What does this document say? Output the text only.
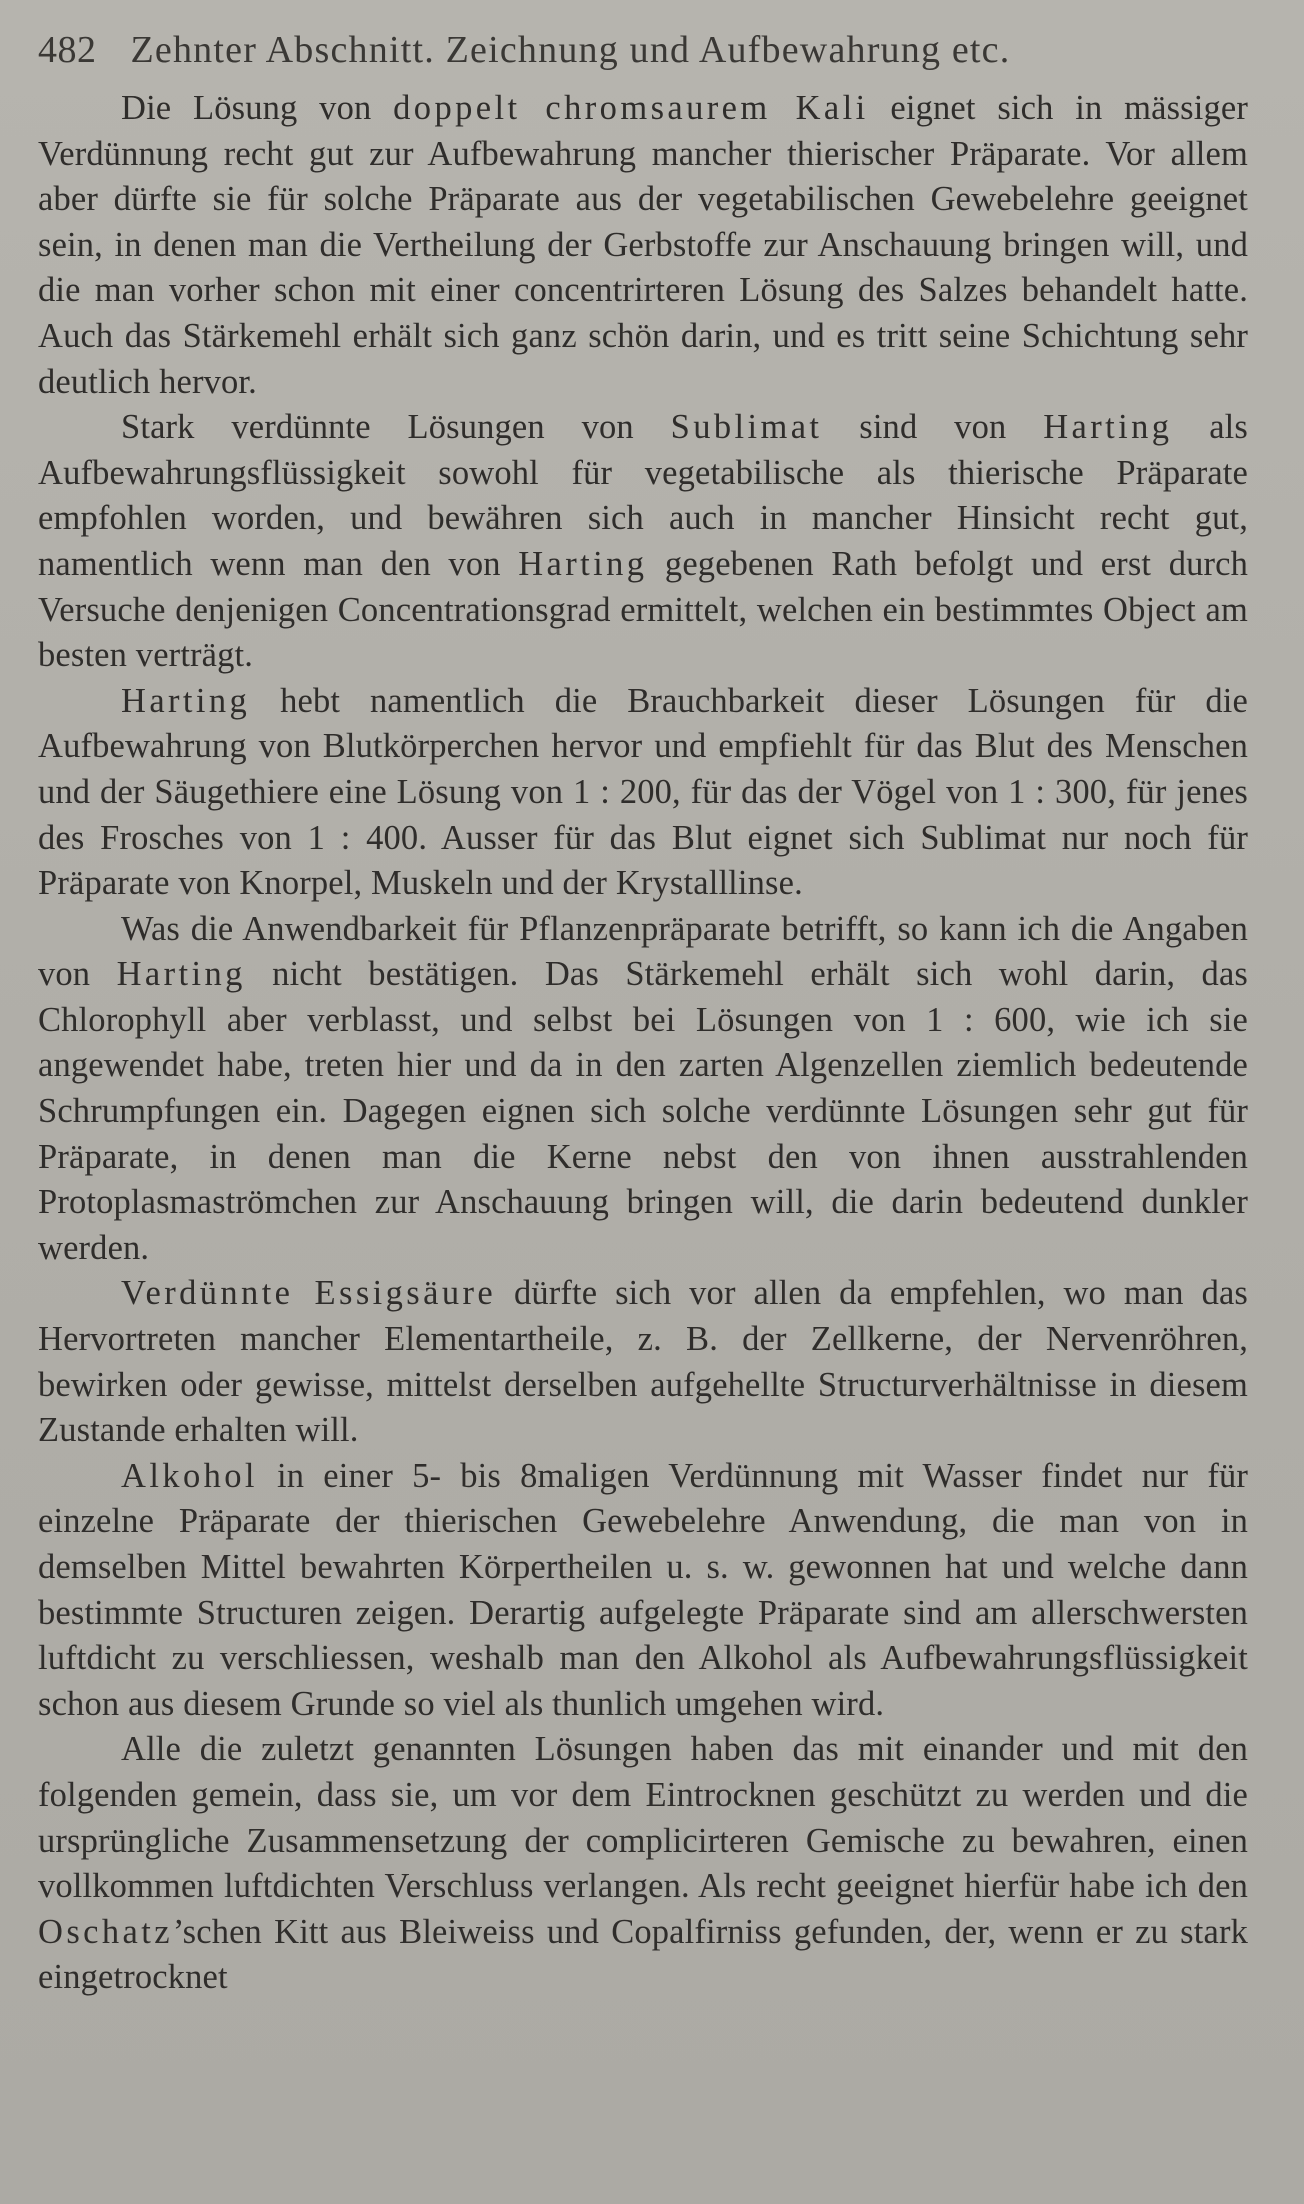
482 Zehnter Abschnitt. Zeichnung und Aufbewahrung etc.

Die Lösung von doppelt chromsaurem Kali eignet sich in mässiger Verdünnung recht gut zur Aufbewahrung mancher thierischer Präparate. Vor allem aber dürfte sie für solche Präparate aus der vegetabilischen Gewebelehre geeignet sein, in denen man die Vertheilung der Gerbstoffe zur Anschauung bringen will, und die man vorher schon mit einer concentrirteren Lösung des Salzes behandelt hatte. Auch das Stärkemehl erhält sich ganz schön darin, und es tritt seine Schichtung sehr deutlich hervor.

Stark verdünnte Lösungen von Sublimat sind von Harting als Aufbewahrungsflüssigkeit sowohl für vegetabilische als thierische Präparate empfohlen worden, und bewähren sich auch in mancher Hinsicht recht gut, namentlich wenn man den von Harting gegebenen Rath befolgt und erst durch Versuche denjenigen Concentrationsgrad ermittelt, welchen ein bestimmtes Object am besten verträgt.

Harting hebt namentlich die Brauchbarkeit dieser Lösungen für die Aufbewahrung von Blutkörperchen hervor und empfiehlt für das Blut des Menschen und der Säugethiere eine Lösung von 1 : 200, für das der Vögel von 1 : 300, für jenes des Frosches von 1 : 400. Ausser für das Blut eignet sich Sublimat nur noch für Präparate von Knorpel, Muskeln und der Krystalllinse.

Was die Anwendbarkeit für Pflanzenpräparate betrifft, so kann ich die Angaben von Harting nicht bestätigen. Das Stärkemehl erhält sich wohl darin, das Chlorophyll aber verblasst, und selbst bei Lösungen von 1 : 600, wie ich sie angewendet habe, treten hier und da in den zarten Algenzellen ziemlich bedeutende Schrumpfungen ein. Dagegen eignen sich solche verdünnte Lösungen sehr gut für Präparate, in denen man die Kerne nebst den von ihnen ausstrahlenden Protoplasmaströmchen zur Anschauung bringen will, die darin bedeutend dunkler werden.

Verdünnte Essigsäure dürfte sich vor allen da empfehlen, wo man das Hervortreten mancher Elementartheile, z. B. der Zellkerne, der Nervenröhren, bewirken oder gewisse, mittelst derselben aufgehellte Structurverhältnisse in diesem Zustande erhalten will.

Alkohol in einer 5- bis 8maligen Verdünnung mit Wasser findet nur für einzelne Präparate der thierischen Gewebelehre Anwendung, die man von in demselben Mittel bewahrten Körpertheilen u. s. w. gewonnen hat und welche dann bestimmte Structuren zeigen. Derartig aufgelegte Präparate sind am allerschwersten luftdicht zu verschliessen, weshalb man den Alkohol als Aufbewahrungsflüssigkeit schon aus diesem Grunde so viel als thunlich umgehen wird.

Alle die zuletzt genannten Lösungen haben das mit einander und mit den folgenden gemein, dass sie, um vor dem Eintrocknen geschützt zu werden und die ursprüngliche Zusammensetzung der complicirteren Gemische zu bewahren, einen vollkommen luftdichten Verschluss verlangen. Als recht geeignet hierfür habe ich den Oschatz’schen Kitt aus Bleiweiss und Copalfirniss gefunden, der, wenn er zu stark eingetrocknet
